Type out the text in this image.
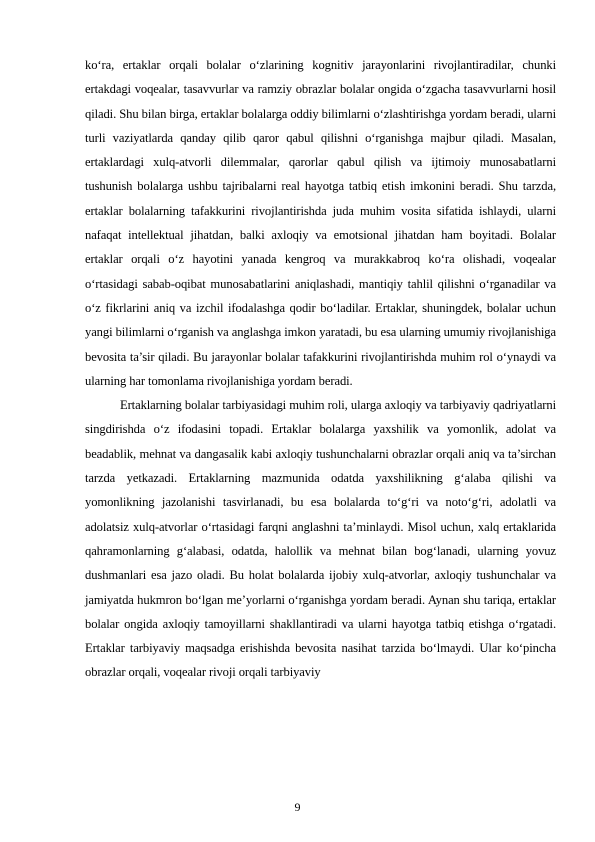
ko‘ra, ertaklar orqali bolalar o‘zlarining kognitiv jarayonlarini rivojlantiradilar, chunki ertakdagi voqealar, tasavvurlar va ramziy obrazlar bolalar ongida o‘zgacha tasavvurlarni hosil qiladi. Shu bilan birga, ertaklar bolalarga oddiy bilimlarni o‘zlashtirishga yordam beradi, ularni turli vaziyatlarda qanday qilib qaror qabul qilishni o‘rganishga majbur qiladi. Masalan, ertaklardagi xulq-atvorli dilemmalar, qarorlar qabul qilish va ijtimoiy munosabatlarni tushunish bolalarga ushbu tajribalarni real hayotga tatbiq etish imkonini beradi. Shu tarzda, ertaklar bolalarning tafakkurini rivojlantirishda juda muhim vosita sifatida ishlaydi, ularni nafaqat intellektual jihatdan, balki axloqiy va emotsional jihatdan ham boyitadi. Bolalar ertaklar orqali o‘z hayotini yanada kengroq va murakkabroq ko‘ra olishadi, voqealar o‘rtasidagi sabab-oqibat munosabatlarini aniqlashadi, mantiqiy tahlil qilishni o‘rganadilar va o‘z fikrlarini aniq va izchil ifodalashga qodir bo‘ladilar. Ertaklar, shuningdek, bolalar uchun yangi bilimlarni o‘rganish va anglashga imkon yaratadi, bu esa ularning umumiy rivojlanishiga bevosita ta’sir qiladi. Bu jarayonlar bolalar tafakkurini rivojlantirishda muhim rol o‘ynaydi va ularning har tomonlama rivojlanishiga yordam beradi.

Ertaklarning bolalar tarbiyasidagi muhim roli, ularga axloqiy va tarbiyaviy qadriyatlarni singdirishda o‘z ifodasini topadi. Ertaklar bolalarga yaxshilik va yomonlik, adolat va beadablik, mehnat va dangasalik kabi axloqiy tushunchalarni obrazlar orqali aniq va ta’sirchan tarzda yetkazadi. Ertaklarning mazmunida odatda yaxshilikning g‘alaba qilishi va yomonlikning jazolanishi tasvirlanadi, bu esa bolalarda to‘g‘ri va noto‘g‘ri, adolatli va adolatsiz xulq-atvorlar o‘rtasidagi farqni anglashni ta’minlaydi. Misol uchun, xalq ertaklarida qahramonlarning g‘alabasi, odatda, halollik va mehnat bilan bog‘lanadi, ularning yovuz dushmanlari esa jazo oladi. Bu holat bolalarda ijobiy xulq-atvorlar, axloqiy tushunchalar va jamiyatda hukmron bo‘lgan me’yorlarni o‘rganishga yordam beradi. Aynan shu tariqa, ertaklar bolalar ongida axloqiy tamoyillarni shakllantiradi va ularni hayotga tatbiq etishga o‘rgatadi. Ertaklar tarbiyaviy maqsadga erishishda bevosita nasihat tarzida bo‘lmaydi. Ular ko‘pincha obrazlar orqali, voqealar rivoji orqali tarbiyaviy

9
